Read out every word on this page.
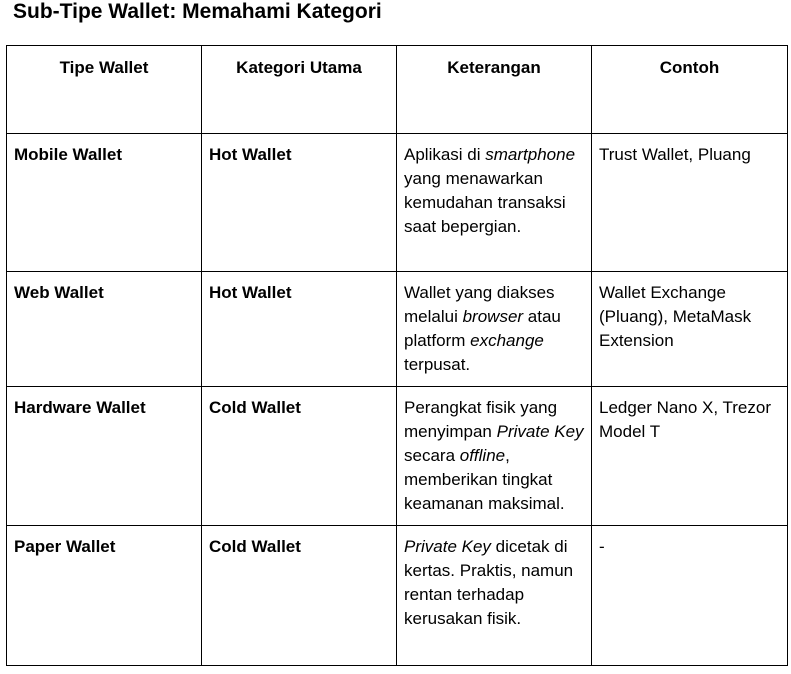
Sub-Tipe Wallet: Memahami Kategori
Tipe Wallet	Kategori Utama	Keterangan	Contoh
Mobile Wallet	Hot Wallet	Aplikasi di smartphone yang menawarkan kemudahan transaksi saat bepergian.	Trust Wallet, Pluang
Web Wallet	Hot Wallet	Wallet yang diakses melalui browser atau platform exchange terpusat.	Wallet Exchange (Pluang), MetaMask Extension
Hardware Wallet	Cold Wallet	Perangkat fisik yang menyimpan Private Key secara offline, memberikan tingkat keamanan maksimal.	Ledger Nano X, Trezor Model T
Paper Wallet	Cold Wallet	Private Key dicetak di kertas. Praktis, namun rentan terhadap kerusakan fisik.	-
